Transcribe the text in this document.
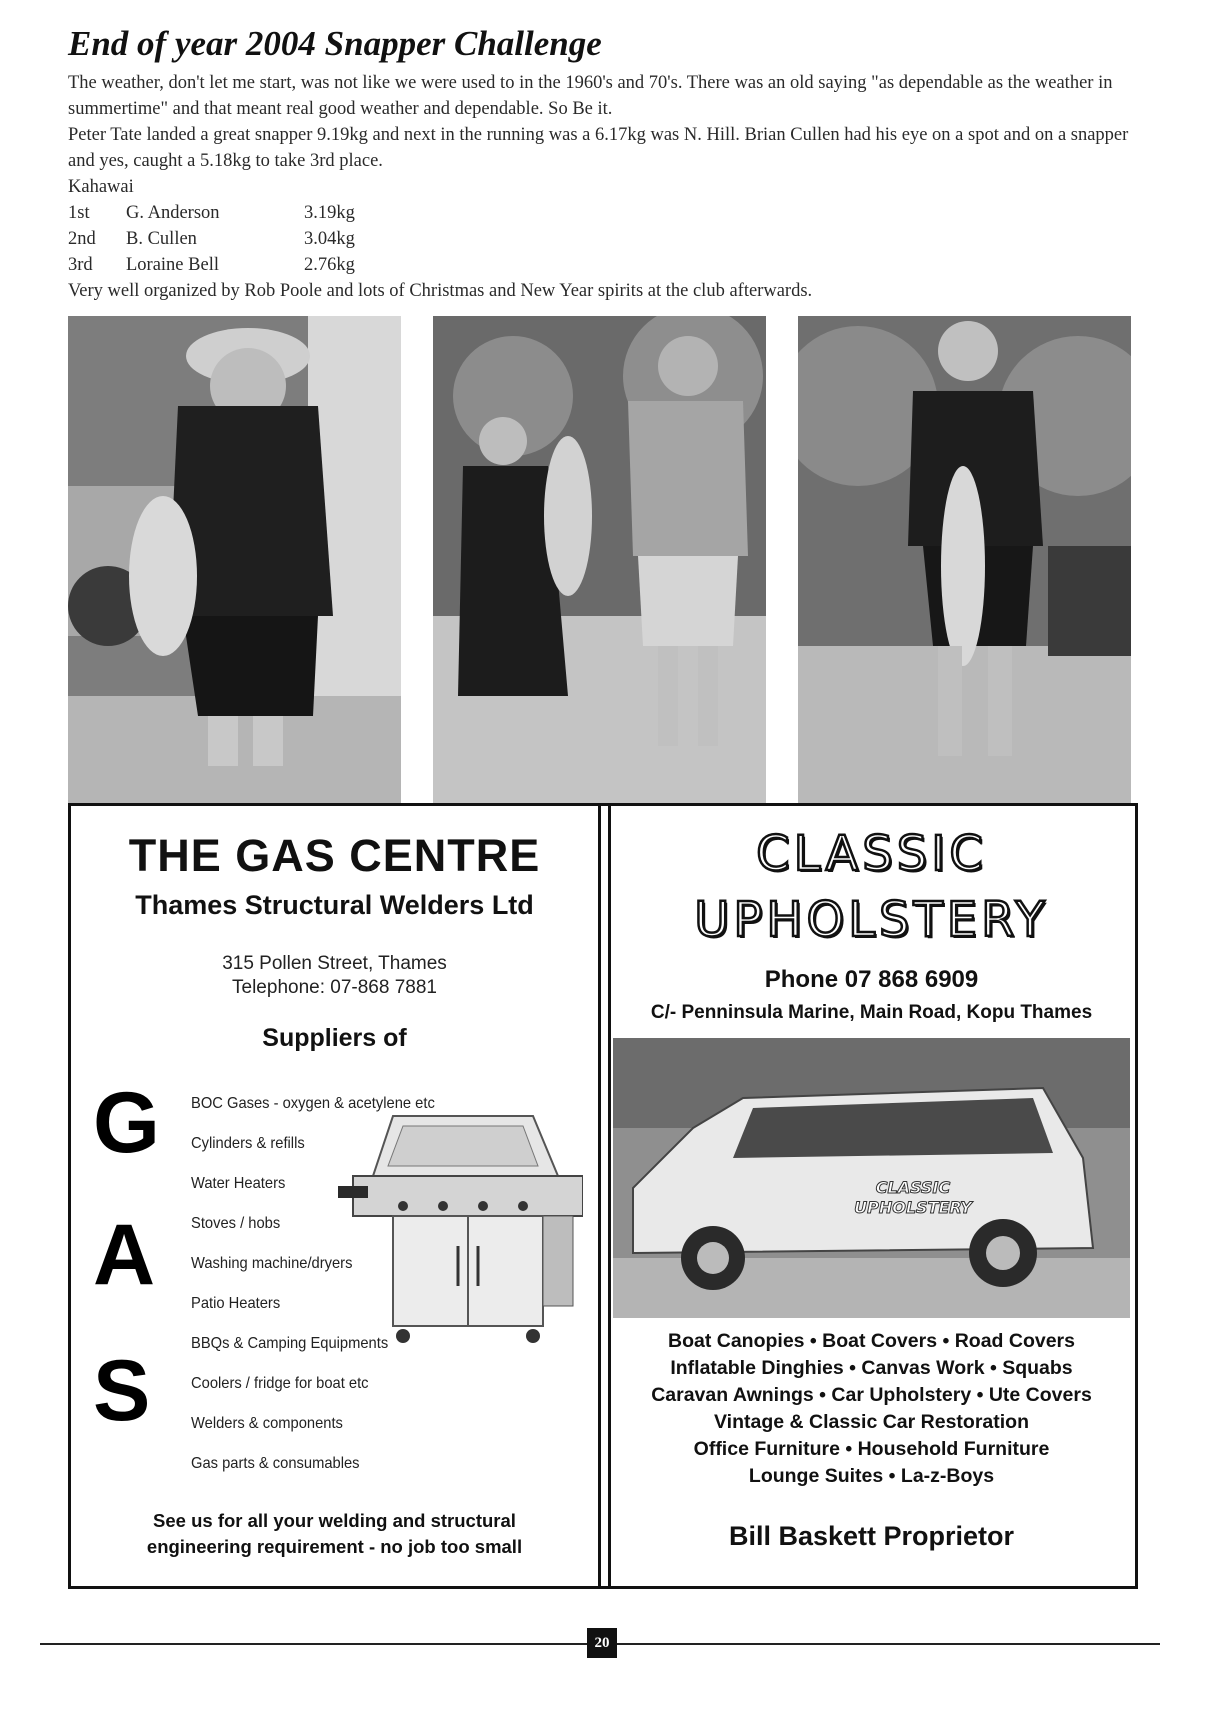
End of year 2004 Snapper Challenge

The weather, don't let me start, was not like we were used to in the 1960's and 70's. There was an old saying "as dependable as the weather in summertime" and that meant real good weather and dependable. So Be it.

Peter Tate landed a great snapper 9.19kg and next in the running was a 6.17kg was N. Hill. Brian Cullen had his eye on a spot and on a snapper and yes, caught a 5.18kg to take 3rd place.

Kahawai
1st	G. Anderson	3.19kg
2nd	B. Cullen	3.04kg
3rd	Loraine Bell	2.76kg

Very well organized by Rob Poole and lots of Christmas and New Year spirits at the club afterwards.

THE GAS CENTRE
Thames Structural Welders Ltd
315 Pollen Street, Thames
Telephone: 07-868 7881
Suppliers of
G
A
S
BOC Gases - oxygen & acetylene etc
Cylinders & refills
Water Heaters
Stoves / hobs
Washing machine/dryers
Patio Heaters
BBQs & Camping Equipments
Coolers / fridge for boat etc
Welders & components
Gas parts & consumables
See us for all your welding and structural
engineering requirement - no job too small
CLASSIC
UPHOLSTERY
Phone 07 868 6909
C/- Penninsula Marine, Main Road, Kopu Thames
CLASSIC
UPHOLSTERY
Boat Canopies • Boat Covers • Road Covers
Inflatable Dinghies • Canvas Work • Squabs
Caravan Awnings • Car Upholstery • Ute Covers
Vintage & Classic Car Restoration
Office Furniture • Household Furniture
Lounge Suites • La-z-Boys
Bill Baskett Proprietor
20
